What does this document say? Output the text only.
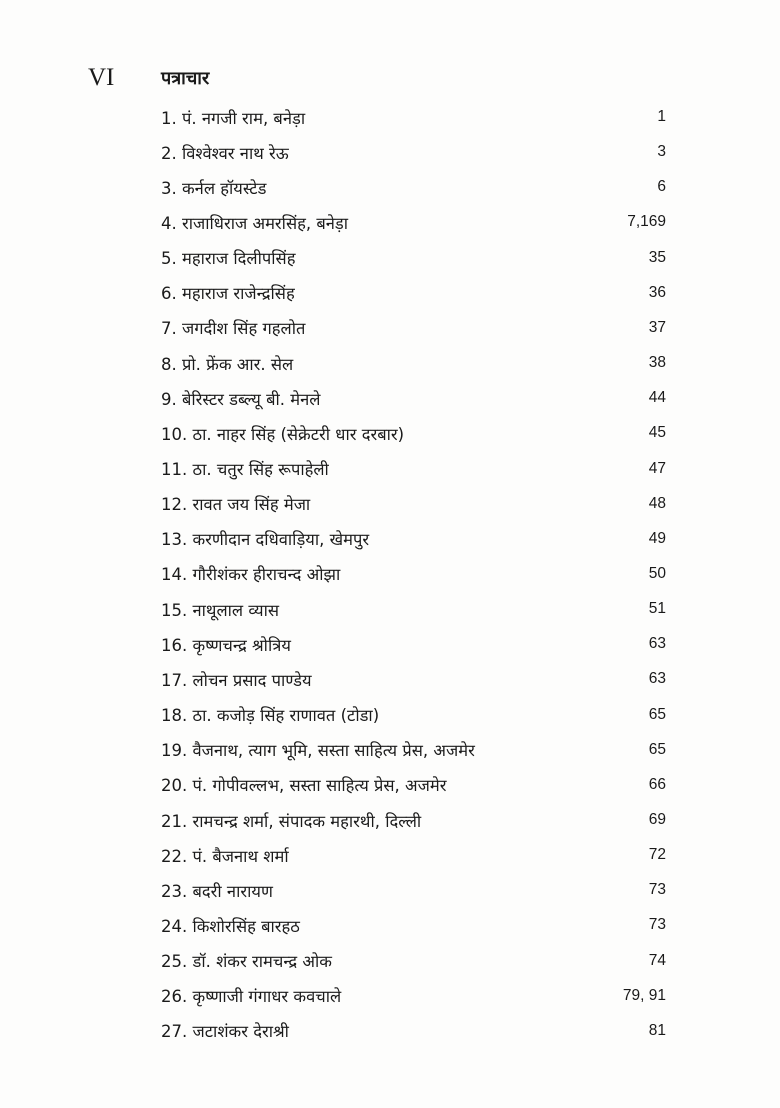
VI	पत्राचार
1. पं. नगजी राम, बनेड़ा	1
2. विश्वेश्वर नाथ रेऊ	3
3. कर्नल हॉयस्टेड	6
4. राजाधिराज अमरसिंह, बनेड़ा	7,169
5. महाराज दिलीपसिंह	35
6. महाराज राजेन्द्रसिंह	36
7. जगदीश सिंह गहलोत	37
8. प्रो. फ्रेंक आर. सेल	38
9. बेरिस्टर डब्ल्यू बी. मेनले	44
10. ठा. नाहर सिंह (सेक्रेटरी धार दरबार)	45
11. ठा. चतुर सिंह रूपाहेली	47
12. रावत जय सिंह मेजा	48
13. करणीदान दधिवाड़िया, खेमपुर	49
14. गौरीशंकर हीराचन्द ओझा	50
15. नाथूलाल व्यास	51
16. कृष्णचन्द्र श्रोत्रिय	63
17. लोचन प्रसाद पाण्डेय	63
18. ठा. कजोड़ सिंह राणावत (टोडा)	65
19. वैजनाथ, त्याग भूमि, सस्ता साहित्य प्रेस, अजमेर	65
20. पं. गोपीवल्लभ, सस्ता साहित्य प्रेस, अजमेर	66
21. रामचन्द्र शर्मा, संपादक महारथी, दिल्ली	69
22. पं. बैजनाथ शर्मा	72
23. बदरी नारायण	73
24. किशोरसिंह बारहठ	73
25. डॉ. शंकर रामचन्द्र ओक	74
26. कृष्णाजी गंगाधर कवचाले	79, 91
27. जटाशंकर देराश्री	81
